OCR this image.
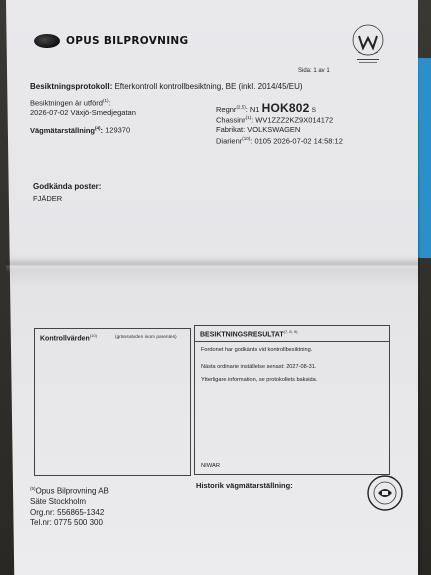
OPUS BILPROVNING
Sida: 1 av 1
Besiktningsprotokoll: Efterkontroll kontrollbesiktning, BE (inkl. 2014/45/EU)
Besiktningen är utförd$^{(1)}$:
2026-07-02 Växjö-Smedjegatan
Vägmätarställning$^{(4)}$: 129370
Regnr$^{(2,5)}$: N1 HOK802 S
Chassinr$^{(1)}$: WV1ZZZ2KZ9X014172
Fabrikat: VOLKSWAGEN
Diarienr$^{(10)}$: 0105 2026-07-02 14:58:12
Godkända poster:
FJÄDER
Kontrollvärden$^{(10)}$	(gränsvärden inom parentes)	BESIKTNINGSRESULTAT$^{(7, 8, 9)}$
Fordonet har godkänts vid kontrollbesiktning.
Nästa ordinarie inställelse senast: 2027-08-31.
Ytterligare information, se protokollets baksida.
NIWAR
$^{(5)}$Opus Bilprovning AB
Säte Stockholm
Org.nr: 556865-1342
Tel.nr: 0775 500 300
Historik vägmätarställning:
